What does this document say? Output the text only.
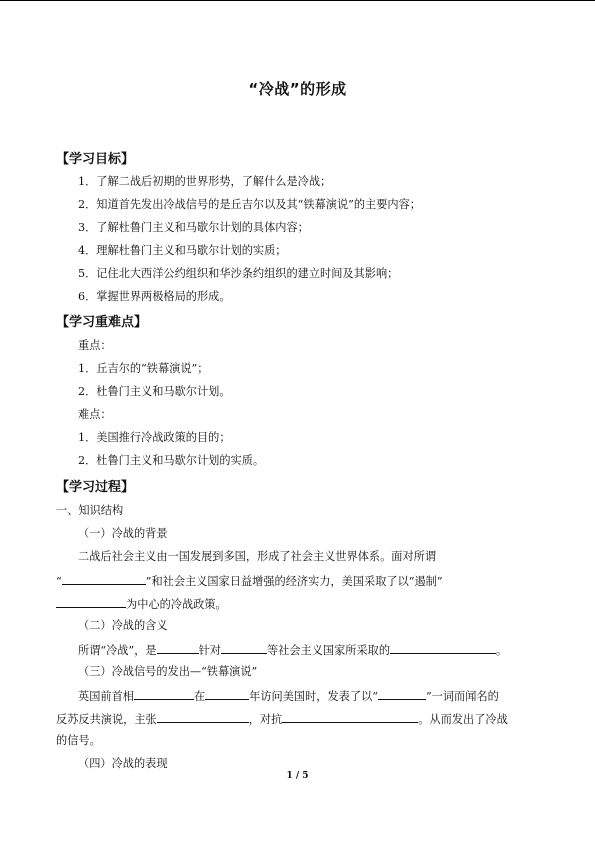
“冷战”的形成
【学习目标】
1．了解二战后初期的世界形势，了解什么是冷战；
2．知道首先发出冷战信号的是丘吉尔以及其“铁幕演说”的主要内容；
3．了解杜鲁门主义和马歇尔计划的具体内容；
4．理解杜鲁门主义和马歇尔计划的实质；
5．记住北大西洋公约组织和华沙条约组织的建立时间及其影响；
6．掌握世界两极格局的形成。
【学习重难点】
重点：
1．丘吉尔的“铁幕演说”；
2．杜鲁门主义和马歇尔计划。
难点：
1．美国推行冷战政策的目的；
2．杜鲁门主义和马歇尔计划的实质。
【学习过程】
一、知识结构
（一）冷战的背景
二战后社会主义由一国发展到多国，形成了社会主义世界体系。面对所谓
“	”和社会主义国家日益增强的经济实力，美国采取了以“遏制”
为中心的冷战政策。
（二）冷战的含义
所谓“冷战”，是	针对	等社会主义国家所采取的	。
（三）冷战信号的发出—“铁幕演说”
英国前首相	在	年访问美国时，发表了以“	”一词而闻名的
反苏反共演说，主张	，对抗	。从而发出了冷战
的信号。
（四）冷战的表现
1 / 5
